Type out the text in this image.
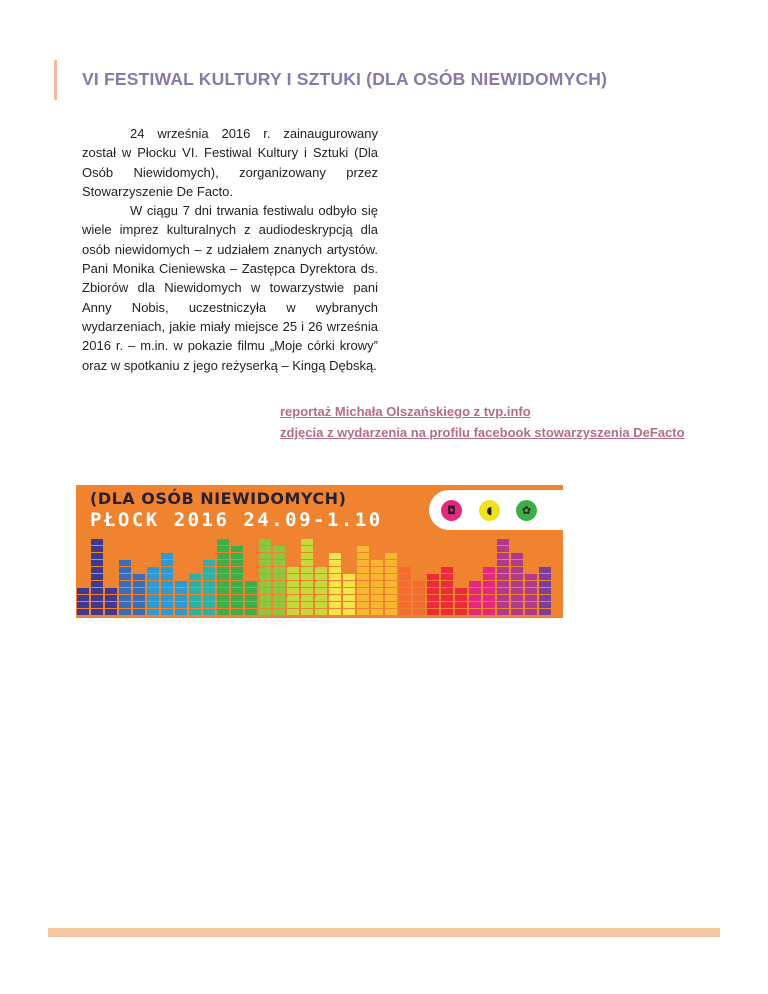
VI FESTIWAL KULTURY I SZTUKI (DLA OSÓB NIEWIDOMYCH)

24 września 2016 r. zainaugurowany został w Płocku VI. Festiwal Kultury i Sztuki (Dla Osób Niewidomych), zorganizowany przez Stowarzyszenie De Facto.

W ciągu 7 dni trwania festiwalu odbyło się wiele imprez kulturalnych z audiodeskrypcją dla osób niewidomych – z udziałem znanych artystów. Pani Monika Cieniewska – Zastępca Dyrektora ds. Zbiorów dla Niewidomych w towarzystwie pani Anny Nobis, uczestniczyła w wybranych wydarzeniach, jakie miały miejsce 25 i 26 września 2016 r. – m.in. w pokazie filmu „Moje córki krowy” oraz w spotkaniu z jego reżyserką – Kingą Dębską.

reportaż Michała Olszańskiego z tvp.info
zdjęcia z wydarzenia na profilu facebook stowarzyszenia DeFacto
(DLA OSÓB NIEWIDOMYCH)
PŁOCK 2016 24.09-1.10	◘	◖	✿
